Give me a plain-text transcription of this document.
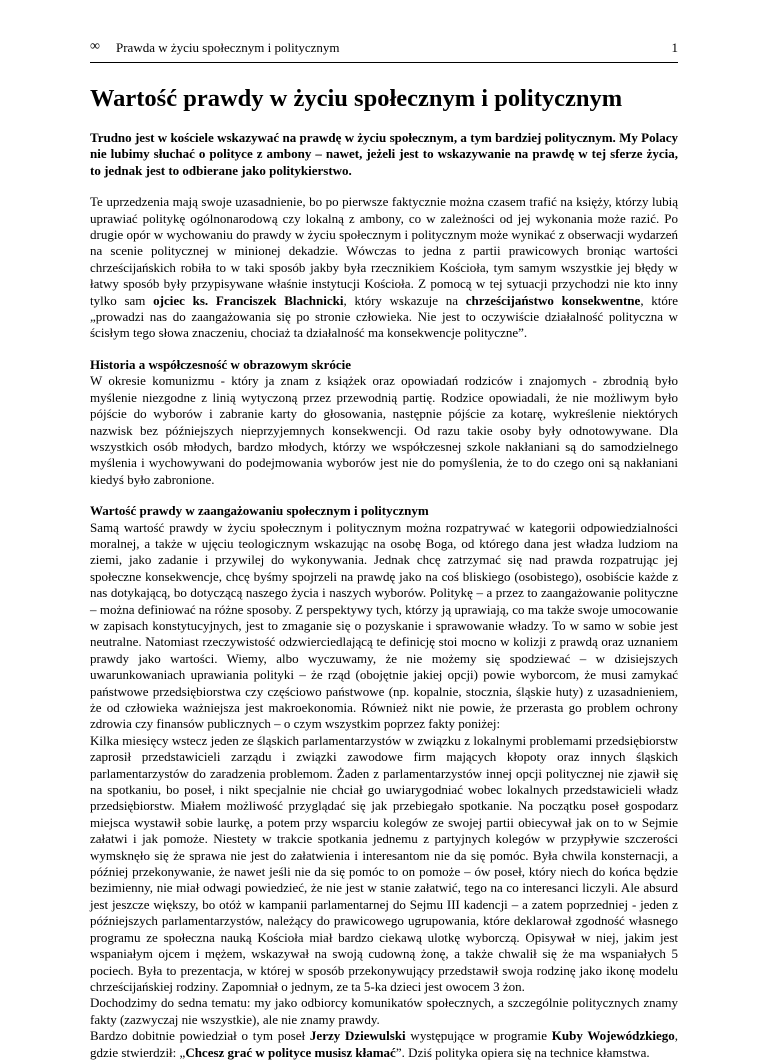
∞ Prawda w życiu społecznym i politycznym	1
Wartość prawdy w życiu społecznym i politycznym

Trudno jest w kościele wskazywać na prawdę w życiu społecznym, a tym bardziej politycznym. My Polacy nie lubimy słuchać o polityce z ambony – nawet, jeżeli jest to wskazywanie na prawdę w tej sferze życia, to jednak jest to odbierane jako politykierstwo.

Te uprzedzenia mają swoje uzasadnienie, bo po pierwsze faktycznie można czasem trafić na księży, którzy lubią uprawiać politykę ogólnonarodową czy lokalną z ambony, co w zależności od jej wykonania może razić. Po drugie opór w wychowaniu do prawdy w życiu społecznym i politycznym może wynikać z obserwacji wydarzeń na scenie politycznej w minionej dekadzie. Wówczas to jedna z partii prawicowych broniąc wartości chrześcijańskich robiła to w taki sposób jakby była rzecznikiem Kościoła, tym samym wszystkie jej błędy w łatwy sposób były przypisywane właśnie instytucji Kościoła. Z pomocą w tej sytuacji przychodzi nie kto inny tylko sam ojciec ks. Franciszek Blachnicki, który wskazuje na chrześcijaństwo konsekwentne, które „prowadzi nas do zaangażowania się po stronie człowieka. Nie jest to oczywiście działalność polityczna w ścisłym tego słowa znaczeniu, chociaż ta działalność ma konsekwencje polityczne”.

Historia a współczesność w obrazowym skrócie

W okresie komunizmu - który ja znam z książek oraz opowiadań rodziców i znajomych - zbrodnią było myślenie niezgodne z linią wytyczoną przez przewodnią partię. Rodzice opowiadali, że nie możliwym było pójście do wyborów i zabranie karty do głosowania, następnie pójście za kotarę, wykreślenie niektórych nazwisk bez późniejszych nieprzyjemnych konsekwencji. Od razu takie osoby były odnotowywane. Dla wszystkich osób młodych, bardzo młodych, którzy we współczesnej szkole nakłaniani są do samodzielnego myślenia i wychowywani do podejmowania wyborów jest nie do pomyślenia, że to do czego oni są nakłaniani kiedyś było zabronione.

Wartość prawdy w zaangażowaniu społecznym i politycznym

Samą wartość prawdy w życiu społecznym i politycznym można rozpatrywać w kategorii odpowiedzialności moralnej, a także w ujęciu teologicznym wskazując na osobę Boga, od którego dana jest władza ludziom na ziemi, jako zadanie i przywilej do wykonywania. Jednak chcę zatrzymać się nad prawda rozpatrując jej społeczne konsekwencje, chcę byśmy spojrzeli na prawdę jako na coś bliskiego (osobistego), osobiście każde z nas dotykającą, bo dotyczącą naszego życia i naszych wyborów. Politykę – a przez to zaangażowanie polityczne – można definiować na różne sposoby. Z perspektywy tych, którzy ją uprawiają, co ma także swoje umocowanie w zapisach konstytucyjnych, jest to zmaganie się o pozyskanie i sprawowanie władzy. To w samo w sobie jest neutralne. Natomiast rzeczywistość odzwierciedlającą te definicję stoi mocno w kolizji z prawdą oraz uznaniem prawdy jako wartości. Wiemy, albo wyczuwamy, że nie możemy się spodziewać – w dzisiejszych uwarunkowaniach uprawiania polityki – że rząd (obojętnie jakiej opcji) powie wyborcom, że musi zamykać państwowe przedsiębiorstwa czy częściowo państwowe (np. kopalnie, stocznia, śląskie huty) z uzasadnieniem, że od człowieka ważniejsza jest makroekonomia. Również nikt nie powie, że przerasta go problem ochrony zdrowia czy finansów publicznych – o czym wszystkim poprzez fakty poniżej:

Kilka miesięcy wstecz jeden ze śląskich parlamentarzystów w związku z lokalnymi problemami przedsiębiorstw zaprosił przedstawicieli zarządu i związki zawodowe firm mających kłopoty oraz innych śląskich parlamentarzystów do zaradzenia problemom. Żaden z parlamentarzystów innej opcji politycznej nie zjawił się na spotkaniu, bo poseł, i nikt specjalnie nie chciał go uwiarygodniać wobec lokalnych przedstawicieli władz przedsiębiorstw. Miałem możliwość przyglądać się jak przebiegało spotkanie. Na początku poseł gospodarz miejsca wystawił sobie laurkę, a potem przy wsparciu kolegów ze swojej partii obiecywał jak on to w Sejmie załatwi i jak pomoże. Niestety w trakcie spotkania jednemu z partyjnych kolegów w przypływie szczerości wymsknęło się że sprawa nie jest do załatwienia i interesantom nie da się pomóc. Była chwila konsternacji, a później przekonywanie, że nawet jeśli nie da się pomóc to on pomoże – ów poseł, który niech do końca będzie bezimienny, nie miał odwagi powiedzieć, że nie jest w stanie załatwić, tego na co interesanci liczyli. Ale absurd jest jeszcze większy, bo otóż w kampanii parlamentarnej do Sejmu III kadencji – a zatem poprzedniej - jeden z późniejszych parlamentarzystów, należący do prawicowego ugrupowania, które deklarował zgodność własnego programu ze społeczna nauką Kościoła miał bardzo ciekawą ulotkę wyborczą. Opisywał w niej, jakim jest wspaniałym ojcem i mężem, wskazywał na swoją cudowną żonę, a także chwalił się że ma wspaniałych 5 pociech. Była to prezentacja, w której w sposób przekonywujący przedstawił swoja rodzinę jako ikonę modelu chrześcijańskiej rodziny. Zapomniał o jednym, ze ta 5-ka dzieci jest owocem 3 żon.

Dochodzimy do sedna tematu: my jako odbiorcy komunikatów społecznych, a szczególnie politycznych znamy fakty (zazwyczaj nie wszystkie), ale nie znamy prawdy.

Bardzo dobitnie powiedział o tym poseł Jerzy Dziewulski występujące w programie Kuby Wojewódzkiego, gdzie stwierdził: „Chcesz grać w polityce musisz kłamać”. Dziś polityka opiera się na technice kłamstwa.
